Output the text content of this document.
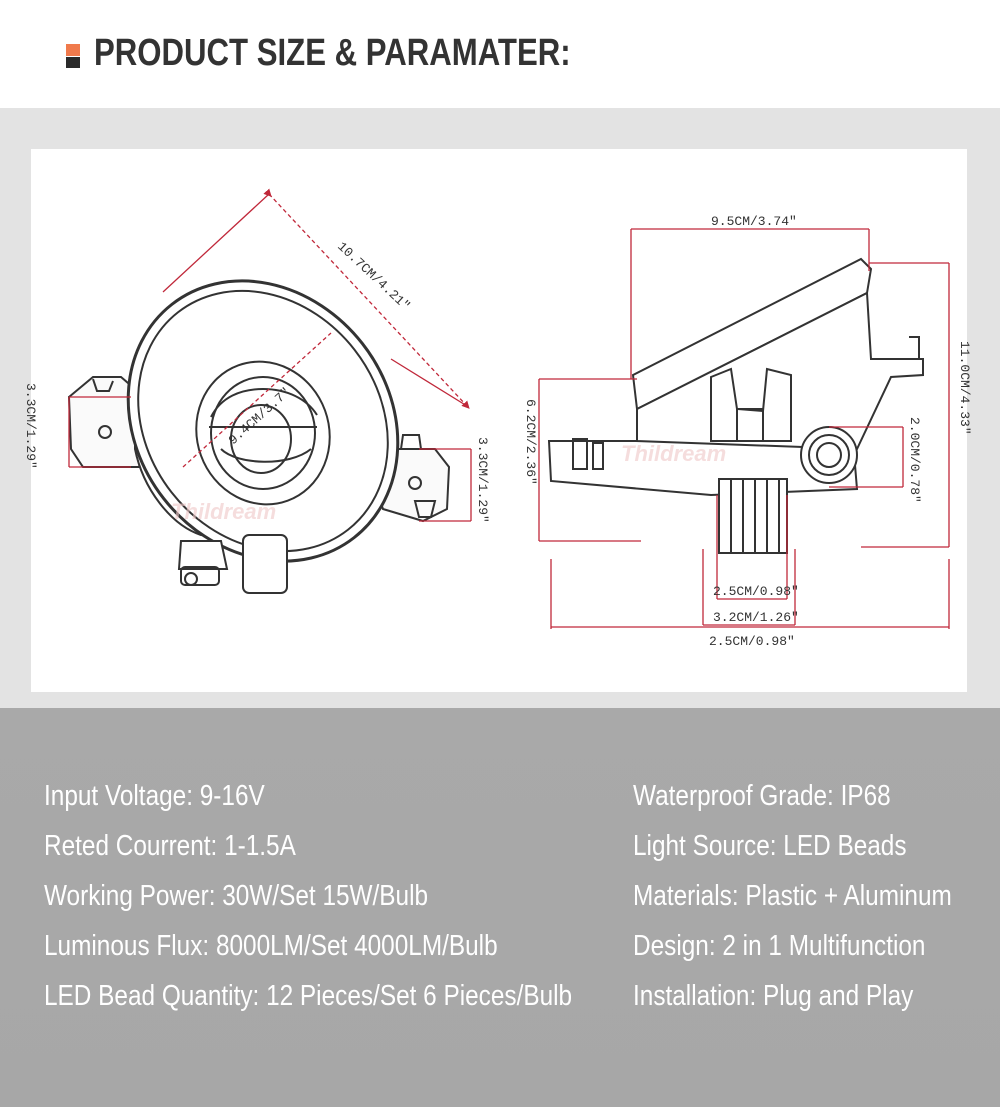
PRODUCT SIZE & PARAMATER:
Thildream
10.7CM/4.21"
9.4CM/3.7"
3.3CM/1.29"
3.3CM/1.29"	Thildream
9.5CM/3.74"
11.0CM/4.33"
6.2CM/2.36"	2.0CM/0.78"
2.5CM/0.98"
3.2CM/1.26"
2.5CM/0.98"
Input Voltage: 9-16V
Reted Courrent: 1-1.5A
Working Power: 30W/Set 15W/Bulb
Luminous Flux: 8000LM/Set 4000LM/Bulb
LED Bead Quantity: 12 Pieces/Set 6 Pieces/Bulb
Waterproof Grade: IP68
Light Source: LED Beads
Materials: Plastic + Aluminum
Design: 2 in 1 Multifunction
Installation: Plug and Play
